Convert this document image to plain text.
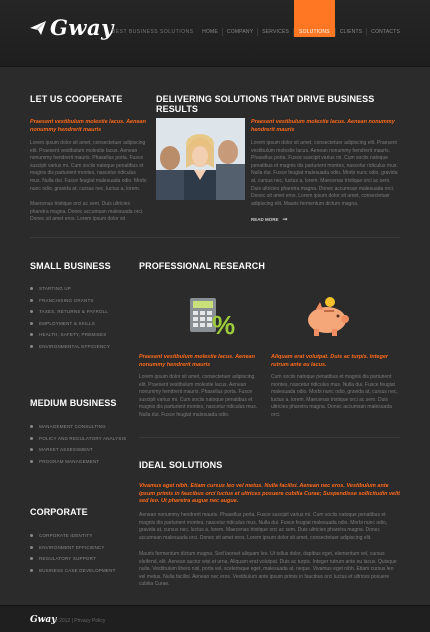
Gway
BEST BUSINESS SOLUTIONS HOME COMPANY SERVICES	SOLUTIONS	CLIENTS CONTACTS
LET US COOPERATE
Praesent vestibulum molestie lacus. Aenean nonummy hendrerit mauris
Lorem ipsum dolor sit amet, consectetuer adipiscing elit. Praesent vestibulum molestie lacus. Aenean nonummy hendrerit mauris. Phasellus porta. Fusce suscipit varius mi. Cum sociis natoque penatibus et magnis dis parturient montes, nascetur ridiculus mus. Nulla dui. Fusce feugiat malesuada odio. Morbi nunc odio, gravida at, cursus nec, luctus a, lorem.
Maecenas tristique orci ac sem. Duis ultricies pharetra magna. Donec accumsan malesuada orci. Donec sit amet eros. Lorem ipsum dolor sit
DELIVERING SOLUTIONS THAT DRIVE BUSINESS RESULTS
Praesent vestibulum molestie lacus. Aenean nonummy hendrerit mauris
Lorem ipsum dolor sit amet, consectetuer adipiscing elit. Praesent vestibulum molestie lacus. Aenean nonummy hendrerit mauris. Phasellus porta. Fusce suscipit varius mi. Cum sociis natoque penatibus et magnis dis parturient montes, nascetur ridiculus mus. Nulla dui. Fusce feugiat malesuada odio. Morbi nunc odio, gravida at, cursus nec, luctus a, lorem. Maecenas tristique orci ac sem. Duis ultricies pharetra magna. Donec accumsan malesuada orci. Donec sit amet eros. Lorem ipsum dolor sit amet, consectetuer adipiscing elit. Mauris fermentum dictum magna.
READ MORE ➞
SMALL BUSINESS
STARTING UP
FRANCHISING GRANTS
TAXES, RETURNS & PAYROLL
EMPLOYMENT & SKILLS
HEALTH, SAFETY, PREMISES
ENVIRONMENTAL EFFICIENCY
PROFESSIONAL RESEARCH
%
Praesent vestibulum molestie lacus. Aenean nonummy hendrerit mauris
Lorem ipsum dolor sit amet, consectetuer adipiscing elit. Praesent vestibulum molestie lacus. Aenean nonummy hendrerit mauris. Phasellus porta. Fusce suscipit varius mi. Cum sociis natoque penatibus et magnis dis parturient montes, nascetur ridiculus mus. Nulla dui. Fusce feugiat malesuada odio.
Aliquam erat volutpat. Duis ac turpis. Integer rutrum ante eu lacus.
Cum sociis natoque penatibus et magnis dis parturient montes, nascetur ridiculus mus. Nulla dui. Fusce feugiat malesuada odio. Morbi nunc odio, gravida at, cursus nec, luctus a, lorem. Maecenas tristique orci ac sem. Duis ultricies pharetra magna. Donec accumsan malesuada orci.
MEDIUM BUSINESS
MANAGEMENT CONSULTING
POLICY AND REGULATORY ANALYSIS
MARKET ASSESSMENT
PROGRAM MANAGEMENT	IDEAL SOLUTIONS
Vivamus eget nibh. Etiam cursus leo vel metus. Nulla facilisi. Aenean nec eros. Vestibulum ante ipsum primis in faucibus orci luctus et ultrices posuere cubilia Curae; Suspendisse sollicitudin velit sed leo. Ut pharetra augue nec augue.
Aenean nonummy hendrerit mauris. Phasellus porta. Fusce suscipit varius mi. Cum sociis natoque penatibus et magnis dis parturient montes, nascetur ridiculus mus. Nulla dui. Fusce feugiat malesuada odio. Morbi nunc odio, gravida at, cursus nec, luctus a, lorem. Maecenas tristique orci ac sem. Duis ultricies pharetra magna. Donec accumsan malesuada orci. Donec sit amet eros. Lorem ipsum dolor sit amet, consectetuer adipiscing elit.
Mauris fermentum dictum magna. Sed laoreet aliquam leo. Ut tellus dolor, dapibus eget, elementum vel, cursus eleifend, elit. Aenean auctor wisi et urna. Aliquam erat volutpat. Duis ac turpis. Integer rutrum ante eu lacus. Quisque nulla. Vestibulum libero nisl, porta vel, scelerisque eget, malesuada at, neque. Vivamus eget nibh. Etiam cursus leo vel metus. Nulla facilisi. Aenean nec eros. Vestibulum ante ipsum primis in faucibus orci luctus et ultrices posuere cubilia Curae.
CORPORATE
CORPORATE IDENTITY
ENVIRONMENT EFFICIENCY
REGULATORY SUPPORT
BUSINESS CASE DEVELOPMENT
Gway
© 2012 | Privacy Policy
